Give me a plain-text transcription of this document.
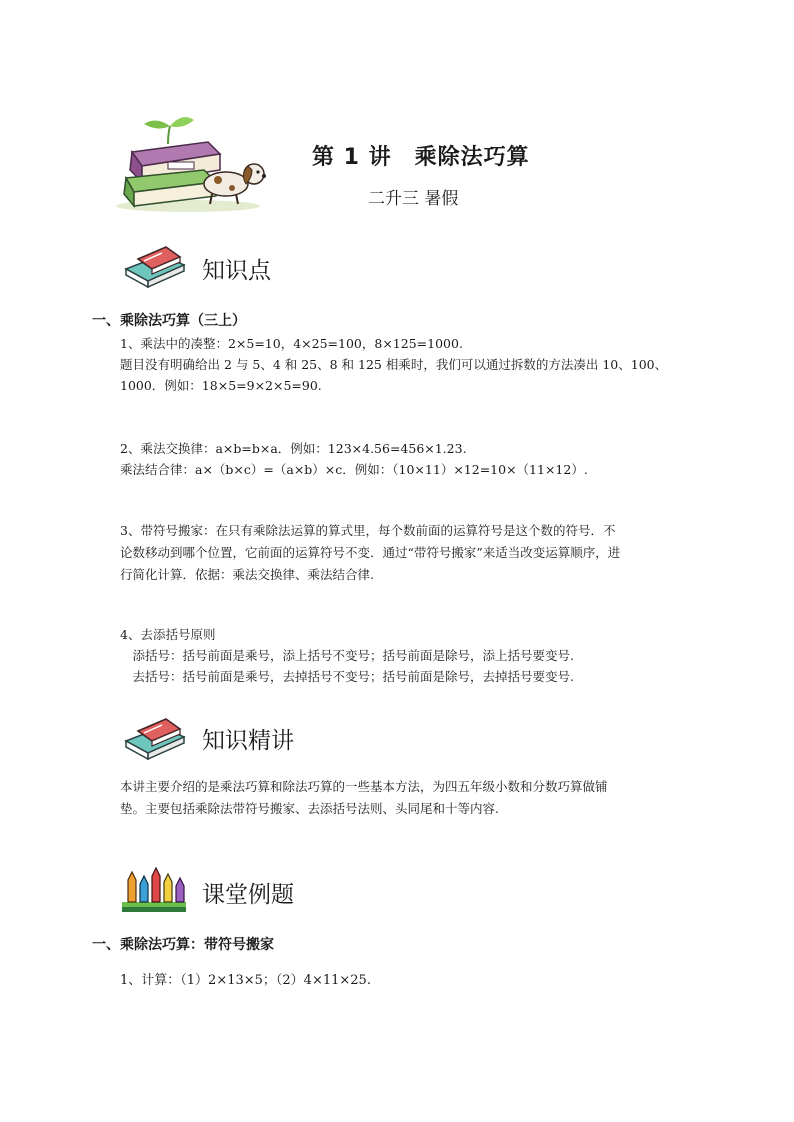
第 1 讲　乘除法巧算
二升三 暑假
知识点
一、乘除法巧算（三上）
1、乘法中的凑整：2×5=10，4×25=100，8×125=1000.
题目没有明确给出 2 与 5、4 和 25、8 和 125 相乘时，我们可以通过拆数的方法凑出 10、100、
1000．例如：18×5=9×2×5=90.
2、乘法交换律：a×b=b×a．例如：123×4.56=456×1.23.
乘法结合律：a×（b×c）=（a×b）×c．例如：（10×11）×12=10×（11×12）.
3、带符号搬家：在只有乘除法运算的算式里，每个数前面的运算符号是这个数的符号．不
论数移动到哪个位置，它前面的运算符号不变．通过“带符号搬家”来适当改变运算顺序，进
行简化计算．依据：乘法交换律、乘法结合律.
4、去添括号原则
　添括号：括号前面是乘号，添上括号不变号；括号前面是除号，添上括号要变号.
　去括号：括号前面是乘号，去掉括号不变号；括号前面是除号，去掉括号要变号.
知识精讲
本讲主要介绍的是乘法巧算和除法巧算的一些基本方法，为四五年级小数和分数巧算做铺
垫。主要包括乘除法带符号搬家、去添括号法则、头同尾和十等内容.
课堂例题
一、乘除法巧算：带符号搬家
1、计算：（1）2×13×5；（2）4×11×25.
